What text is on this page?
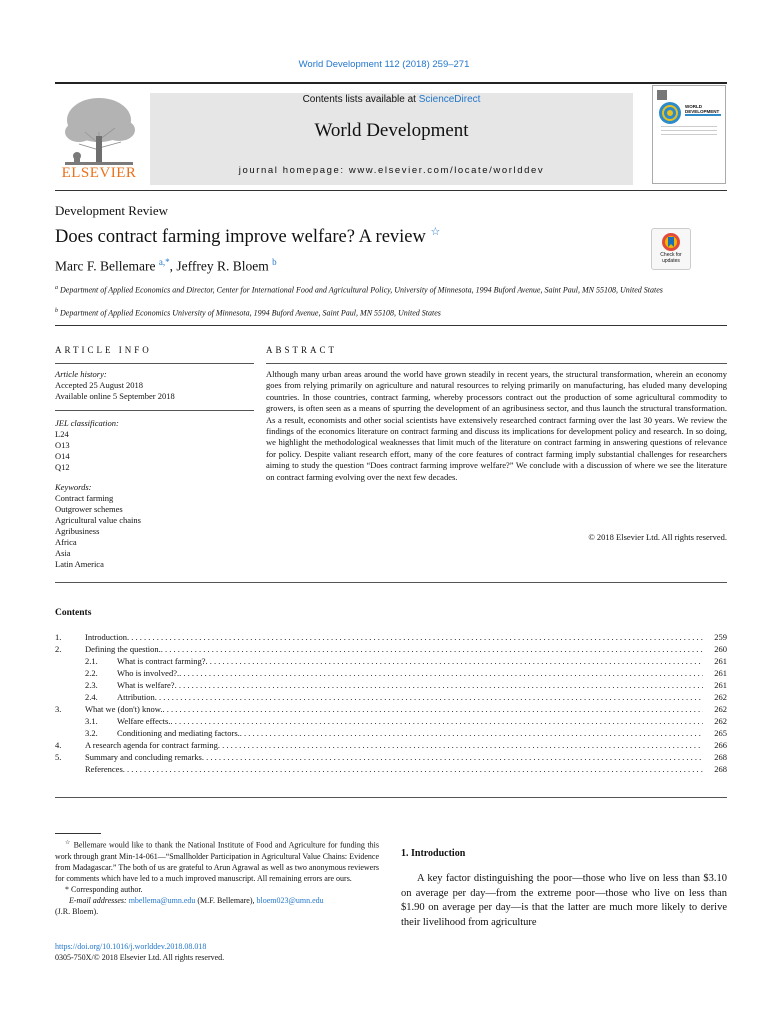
World Development 112 (2018) 259–271
ELSEVIER
Contents lists available at ScienceDirect
World Development
journal homepage: www.elsevier.com/locate/worlddev
WORLD DEVELOPMENT
Development Review
Does contract farming improve welfare? A review ☆
Check for
updates
Marc F. Bellemare $^{a,*}$, Jeffrey R. Bloem $^b$
$^a$ Department of Applied Economics and Director, Center for International Food and Agricultural Policy, University of Minnesota, 1994 Buford Avenue, Saint Paul, MN 55108, United States
$^b$ Department of Applied Economics University of Minnesota, 1994 Buford Avenue, Saint Paul, MN 55108, United States
ARTICLE INFO
Article history:
Accepted 25 August 2018
Available online 5 September 2018
JEL classification:
L24
O13
O14
Q12
Keywords:
Contract farming
Outgrower schemes
Agricultural value chains
Agribusiness
Africa
Asia
Latin America
ABSTRACT
Although many urban areas around the world have grown steadily in recent years, the structural transformation, wherein an economy goes from relying primarily on agriculture and natural resources to relying primarily on manufacturing, has eluded many developing countries. In those countries, contract farming, whereby processors contract out the production of some agricultural commodity to growers, is often seen as a means of spurring the development of an agribusiness sector, and thus launch the structural transformation. As a result, economists and other social scientists have extensively researched contract farming over the last 30 years. We review the findings of the economics literature on contract farming and discuss its implications for development policy and research. In so doing, we highlight the methodological weaknesses that limit much of the literature on contract farming in answering questions of relevance for policy. Despite valiant research effort, many of the core features of contract farming imply substantial challenges for researchers aiming to study the question “Does contract farming improve welfare?” We conclude with a discussion of where we see the literature on contract farming evolving over the next few decades.
© 2018 Elsevier Ltd. All rights reserved.
Contents
1.	Introduction . . .	259
2.	Defining the question. . . .	260
2.1.	What is contract farming? . . .	261
2.2.	Who is involved?. . . .	261
2.3.	What is welfare? . . .	261
2.4.	Attribution . . .	262
3.	What we (don't) know. . . .	262
3.1.	Welfare effects. . . .	262
3.2.	Conditioning and mediating factors. . . .	265
4.	A research agenda for contract farming . . .	266
5.	Summary and concluding remarks . . .	268
References . . .	268
☆ Bellemare would like to thank the National Institute of Food and Agriculture for funding this work through grant Min-14-061—“Smallholder Participation in Agricultural Value Chains: Evidence from Madagascar.” The both of us are grateful to Arun Agrawal as well as two anonymous reviewers for comments which have led to a much improved manuscript. All remaining errors are ours.
* Corresponding author.
E-mail addresses: mbellema@umn.edu (M.F. Bellemare), bloem023@umn.edu
(J.R. Bloem).
https://doi.org/10.1016/j.worlddev.2018.08.018
0305-750X/© 2018 Elsevier Ltd. All rights reserved.
1. Introduction
A key factor distinguishing the poor—those who live on less than $3.10 on average per day—from the extreme poor—those who live on less than $1.90 on average per day—is that the latter are much more likely to derive their livelihood from agriculture
